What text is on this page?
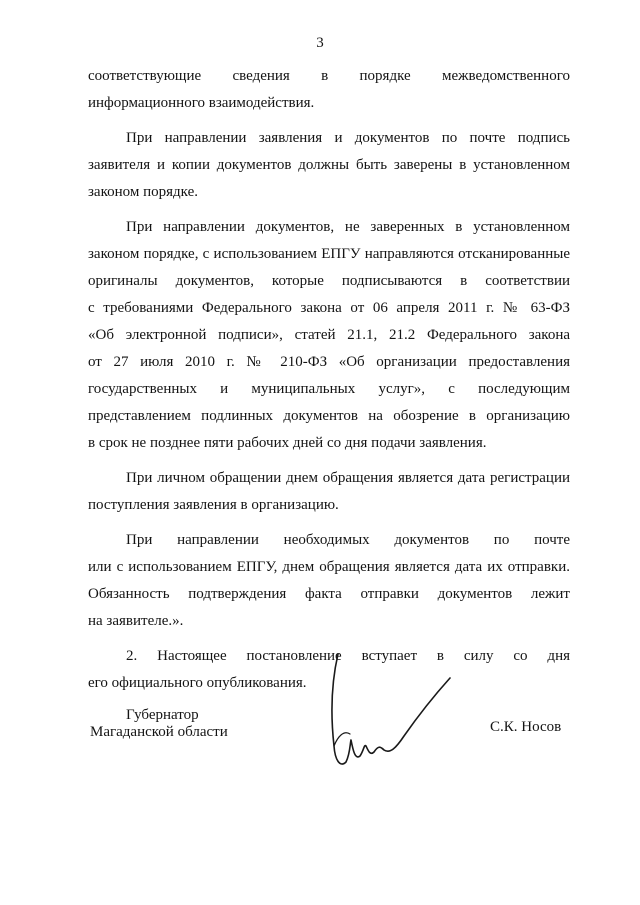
3
соответствующие сведения в порядке межведомственного
информационного взаимодействия.
При направлении заявления и документов по почте подпись
заявителя и копии документов должны быть заверены в установленном
законом порядке.
При направлении документов, не заверенных в установленном
законом порядке, с использованием ЕПГУ направляются отсканированные
оригиналы документов, которые подписываются в соответствии
с требованиями Федерального закона от 06 апреля 2011 г. № 63-ФЗ
«Об электронной подписи», статей 21.1, 21.2 Федерального закона
от 27 июля 2010 г. № 210-ФЗ «Об организации предоставления
государственных и муниципальных услуг», с последующим
представлением подлинных документов на обозрение в организацию
в срок не позднее пяти рабочих дней со дня подачи заявления.
При личном обращении днем обращения является дата регистрации
поступления заявления в организацию.
При направлении необходимых документов по почте
или с использованием ЕПГУ, днем обращения является дата их отправки.
Обязанность подтверждения факта отправки документов лежит
на заявителе.».
2. Настоящее постановление вступает в силу со дня
его официального опубликования.
Губернатор
Магаданской области	С.К. Носов
